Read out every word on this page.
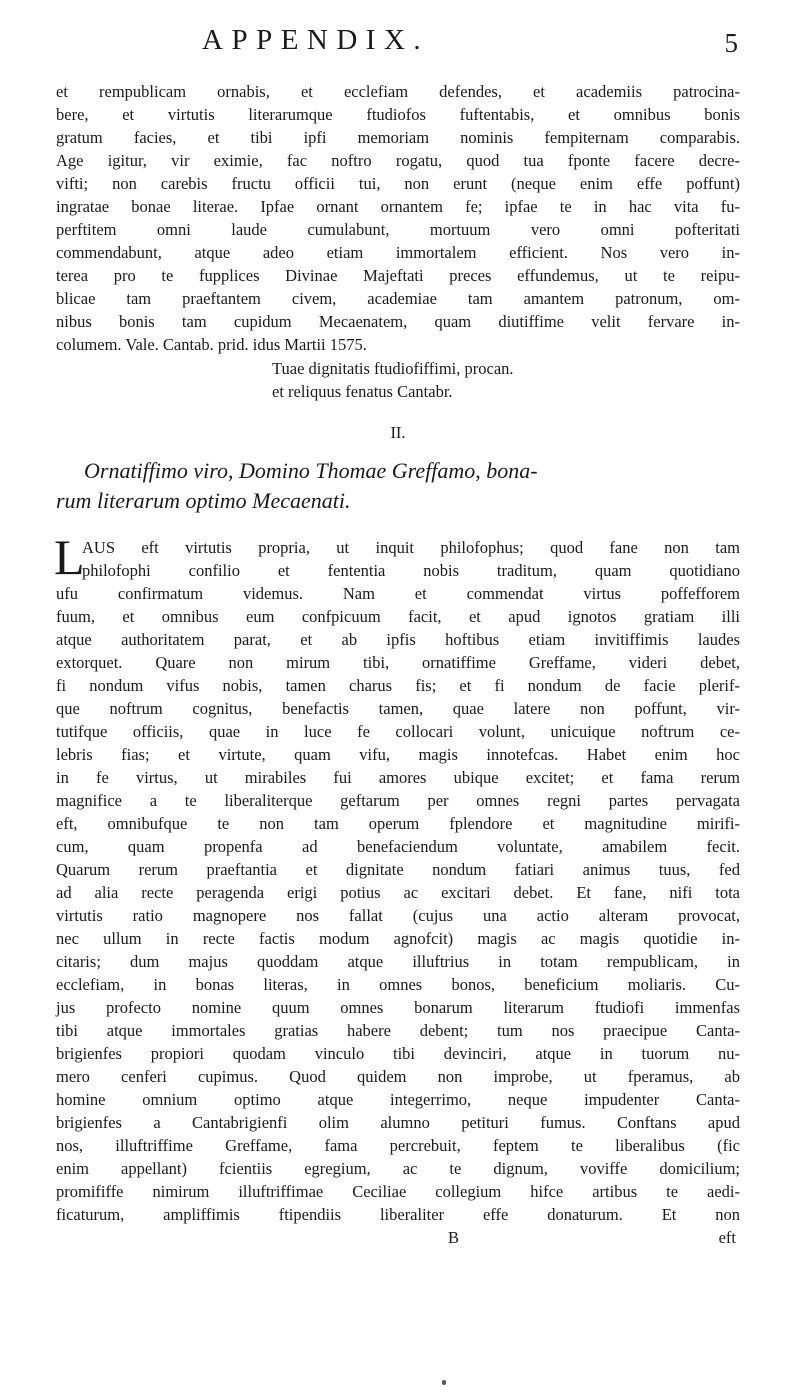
APPENDIX.	5
et rempublicam ornabis, et ecclefiam defendes, et academiis patrocina-
bere, et virtutis literarumque ftudiofos fuftentabis, et omnibus bonis
gratum facies, et tibi ipfi memoriam nominis fempiternam comparabis.
Age igitur, vir eximie, fac noftro rogatu, quod tua fponte facere decre-
vifti; non carebis fructu officii tui, non erunt (neque enim effe poffunt)
ingratae bonae literae. Ipfae ornant ornantem fe; ipfae te in hac vita fu-
perftitem omni laude cumulabunt, mortuum vero omni pofteritati
commendabunt, atque adeo etiam immortalem efficient. Nos vero in-
terea pro te fupplices Divinae Majeftati preces effundemus, ut te reipu-
blicae tam praeftantem civem, academiae tam amantem patronum, om-
nibus bonis tam cupidum Mecaenatem, quam diutiffime velit fervare in-
columem. Vale. Cantab. prid. idus Martii 1575.
Tuae dignitatis ftudiofiffimi, procan.
et reliquus fenatus Cantabr.
II.
Ornatiffimo viro, Domino Thomae Greffamo, bona-
rum literarum optimo Mecaenati.
L
AUS eft virtutis propria, ut inquit philofophus; quod fane non tam
philofophi confilio et fententia nobis traditum, quam quotidiano
ufu confirmatum videmus. Nam et commendat virtus poffefforem
fuum, et omnibus eum confpicuum facit, et apud ignotos gratiam illi
atque authoritatem parat, et ab ipfis hoftibus etiam invitiffimis laudes
extorquet. Quare non mirum tibi, ornatiffime Greffame, videri debet,
fi nondum vifus nobis, tamen charus fis; et fi nondum de facie plerif-
que noftrum cognitus, benefactis tamen, quae latere non poffunt, vir-
tutifque officiis, quae in luce fe collocari volunt, unicuique noftrum ce-
lebris fias; et virtute, quam vifu, magis innotefcas. Habet enim hoc
in fe virtus, ut mirabiles fui amores ubique excitet; et fama rerum
magnifice a te liberaliterque geftarum per omnes regni partes pervagata
eft, omnibufque te non tam operum fplendore et magnitudine mirifi-
cum, quam propenfa ad benefaciendum voluntate, amabilem fecit.
Quarum rerum praeftantia et dignitate nondum fatiari animus tuus, fed
ad alia recte peragenda erigi potius ac excitari debet. Et fane, nifi tota
virtutis ratio magnopere nos fallat (cujus una actio alteram provocat,
nec ullum in recte factis modum agnofcit) magis ac magis quotidie in-
citaris; dum majus quoddam atque illuftrius in totam rempublicam, in
ecclefiam, in bonas literas, in omnes bonos, beneficium moliaris. Cu-
jus profecto nomine quum omnes bonarum literarum ftudiofi immenfas
tibi atque immortales gratias habere debent; tum nos praecipue Canta-
brigienfes propiori quodam vinculo tibi devinciri, atque in tuorum nu-
mero cenferi cupimus. Quod quidem non improbe, ut fperamus, ab
homine omnium optimo atque integerrimo, neque impudenter Canta-
brigienfes a Cantabrigienfi olim alumno petituri fumus. Conftans apud
nos, illuftriffime Greffame, fama percrebuit, feptem te liberalibus (fic
enim appellant) fcientiis egregium, ac te dignum, voviffe domicilium;
promififfe nimirum illuftriffimae Ceciliae collegium hifce artibus te aedi-
ficaturum, ampliffimis ftipendiis liberaliter effe donaturum. Et non
B	eft
